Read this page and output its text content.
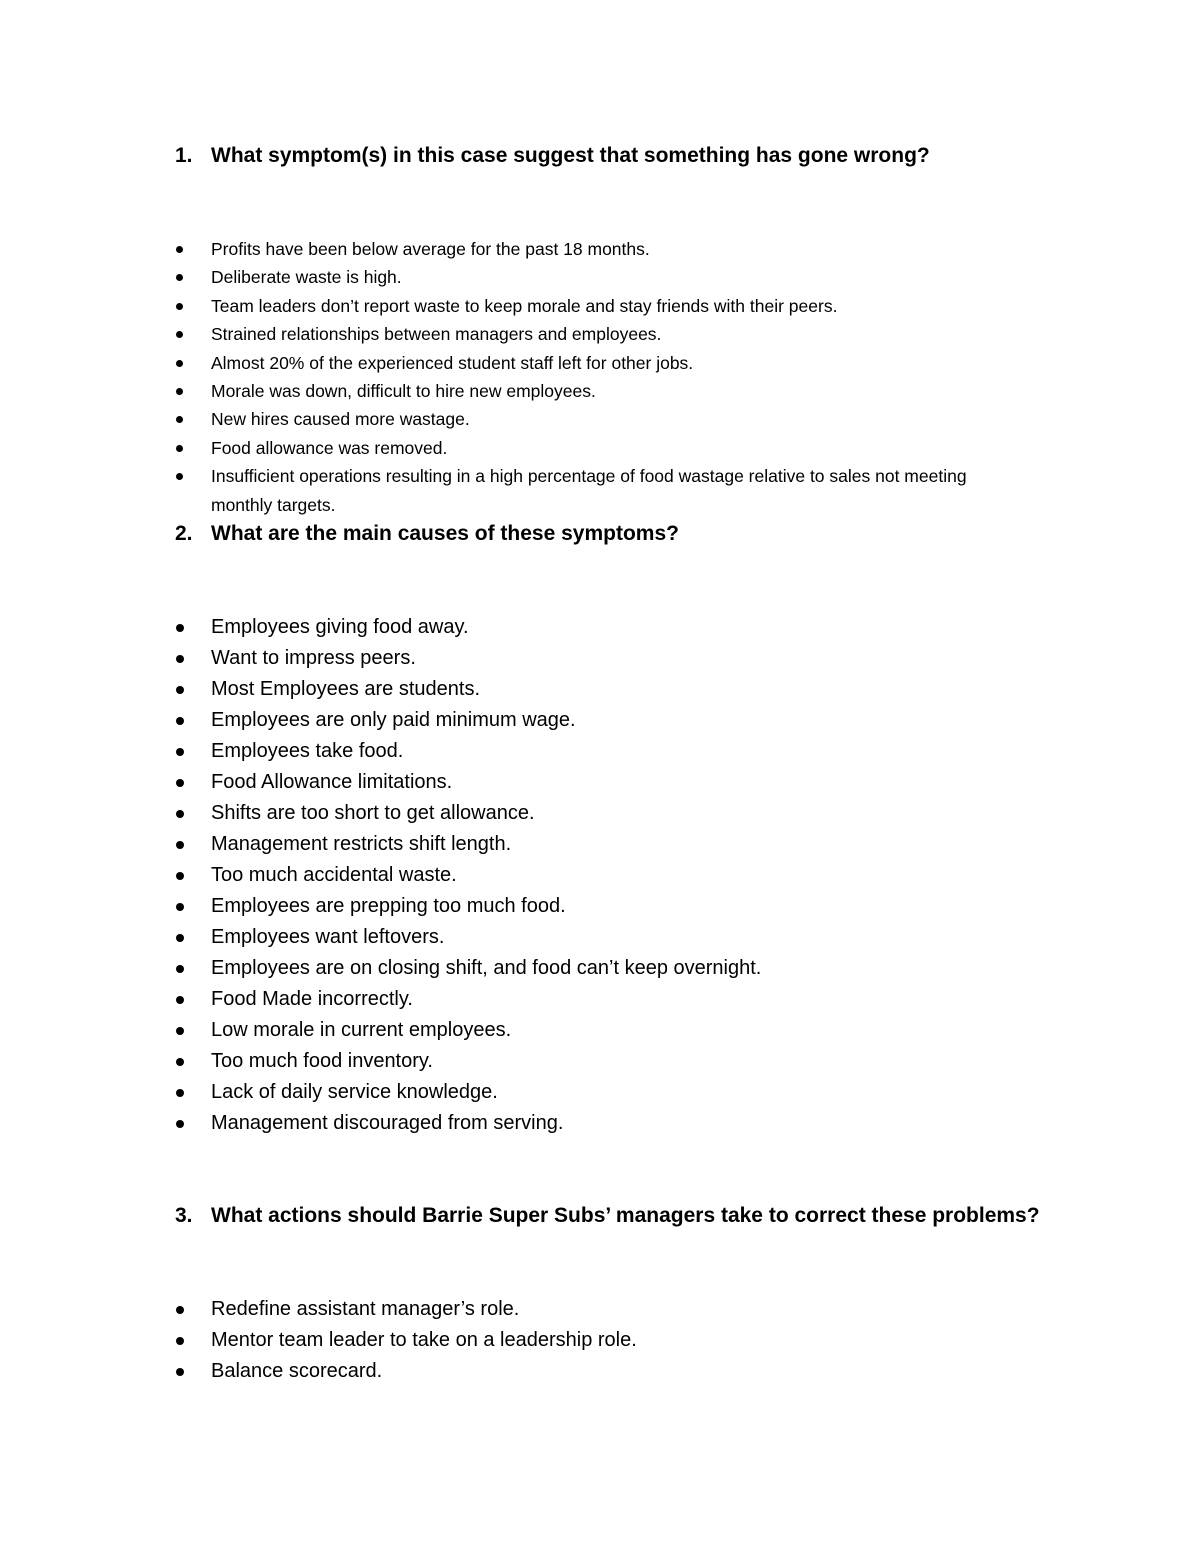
1. What symptom(s) in this case suggest that something has gone wrong?
Profits have been below average for the past 18 months.
Deliberate waste is high.
Team leaders don’t report waste to keep morale and stay friends with their peers.
Strained relationships between managers and employees.
Almost 20% of the experienced student staff left for other jobs.
Morale was down, difficult to hire new employees.
New hires caused more wastage.
Food allowance was removed.
Insufficient operations resulting in a high percentage of food wastage relative to sales not meeting monthly targets.
2. What are the main causes of these symptoms?
Employees giving food away.
Want to impress peers.
Most Employees are students.
Employees are only paid minimum wage.
Employees take food.
Food Allowance limitations.
Shifts are too short to get allowance.
Management restricts shift length.
Too much accidental waste.
Employees are prepping too much food.
Employees want leftovers.
Employees are on closing shift, and food can’t keep overnight.
Food Made incorrectly.
Low morale in current employees.
Too much food inventory.
Lack of daily service knowledge.
Management discouraged from serving.
3. What actions should Barrie Super Subs’ managers take to correct these problems?
Redefine assistant manager’s role.
Mentor team leader to take on a leadership role.
Balance scorecard.
